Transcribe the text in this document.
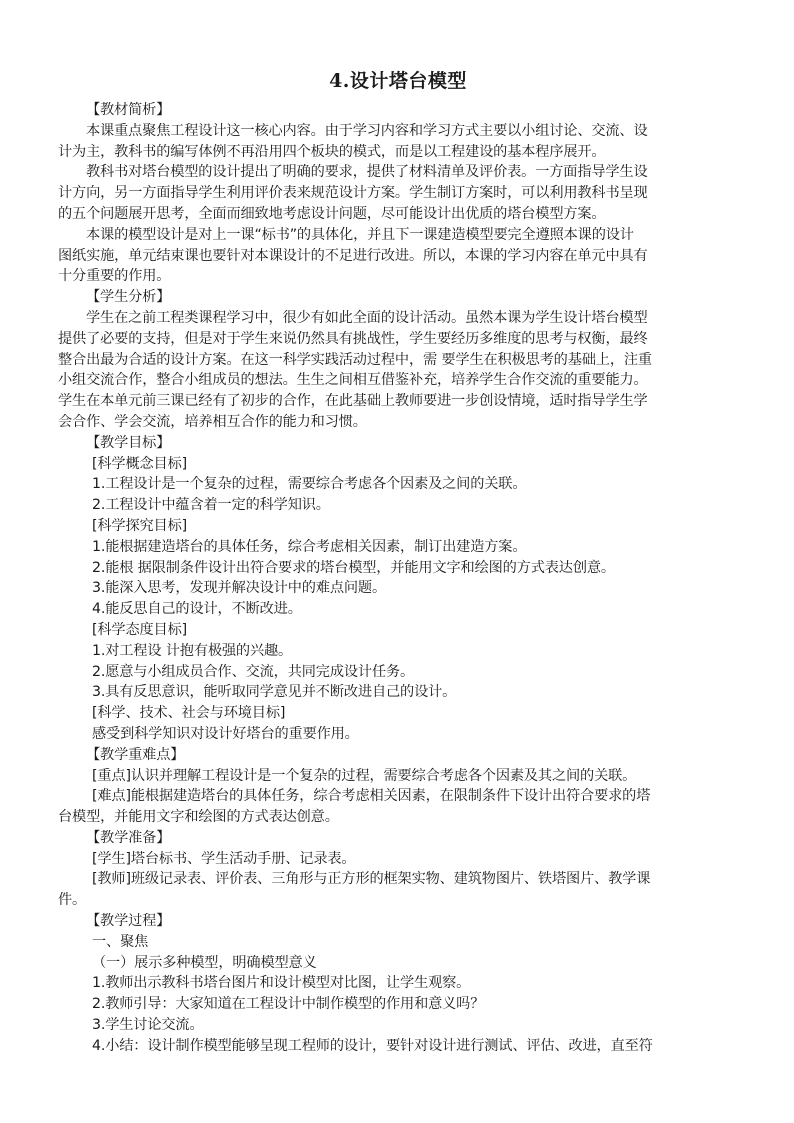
4.设计塔台模型
【教材简析】
本课重点聚焦工程设计这一核心内容。由于学习内容和学习方式主要以小组讨论、交流、设
计为主，教科书的编写体例不再沿用四个板块的模式，而是以工程建设的基本程序展开。
教科书对塔台模型的设计提出了明确的要求，提供了材料清单及评价表。一方面指导学生设
计方向，另一方面指导学生利用评价表来规范设计方案。学生制订方案时，可以利用教科书呈现
的五个问题展开思考，全面而细致地考虑设计问题，尽可能设计出优质的塔台模型方案。
本课的模型设计是对上一课“标书”的具体化，并且下一课建造模型要完全遵照本课的设计
图纸实施，单元结束课也要针对本课设计的不足进行改进。所以，本课的学习内容在单元中具有
十分重要的作用。
【学生分析】
学生在之前工程类课程学习中，很少有如此全面的设计活动。虽然本课为学生设计塔台模型
提供了必要的支持，但是对于学生来说仍然具有挑战性，学生要经历多维度的思考与权衡，最终
整合出最为合适的设计方案。在这一科学实践活动过程中，需 要学生在积极思考的基础上，注重
小组交流合作，整合小组成员的想法。生生之间相互借鉴补充，培养学生合作交流的重要能力。
学生在本单元前三课已经有了初步的合作，在此基础上教师要进一步创设情境，适时指导学生学
会合作、学会交流，培养相互合作的能力和习惯。
【教学目标】
[科学概念目标]
1.工程设计是一个复杂的过程，需要综合考虑各个因素及之间的关联。
2.工程设计中蕴含着一定的科学知识。
[科学探究目标]
1.能根据建造塔台的具体任务，综合考虑相关因素，制订出建造方案。
2.能根 据限制条件设计出符合要求的塔台模型，并能用文字和绘图的方式表达创意。
3.能深入思考，发现并解决设计中的难点问题。
4.能反思自己的设计，不断改进。
[科学态度目标]
1.对工程设 计抱有极强的兴趣。
2.愿意与小组成员合作、交流，共同完成设计任务。
3.具有反思意识，能听取同学意见并不断改进自己的设计。
[科学、技术、社会与环境目标]
感受到科学知识对设计好塔台的重要作用。
【教学重难点】
[重点]认识并理解工程设计是一个复杂的过程，需要综合考虑各个因素及其之间的关联。
[难点]能根据建造塔台的具体任务，综合考虑相关因素，在限制条件下设计出符合要求的塔
台模型，并能用文字和绘图的方式表达创意。
【教学准备】
[学生]塔台标书、学生活动手册、记录表。
[教师]班级记录表、评价表、三角形与正方形的框架实物、建筑物图片、铁塔图片、教学课
件。
【教学过程】
一、聚焦
（一）展示多种模型，明确模型意义
1.教师出示教科书塔台图片和设计模型对比图，让学生观察。
2.教师引导：大家知道在工程设计中制作模型的作用和意义吗？
3.学生讨论交流。
4.小结：设计制作模型能够呈现工程师的设计，要针对设计进行测试、评估、改进，直至符
